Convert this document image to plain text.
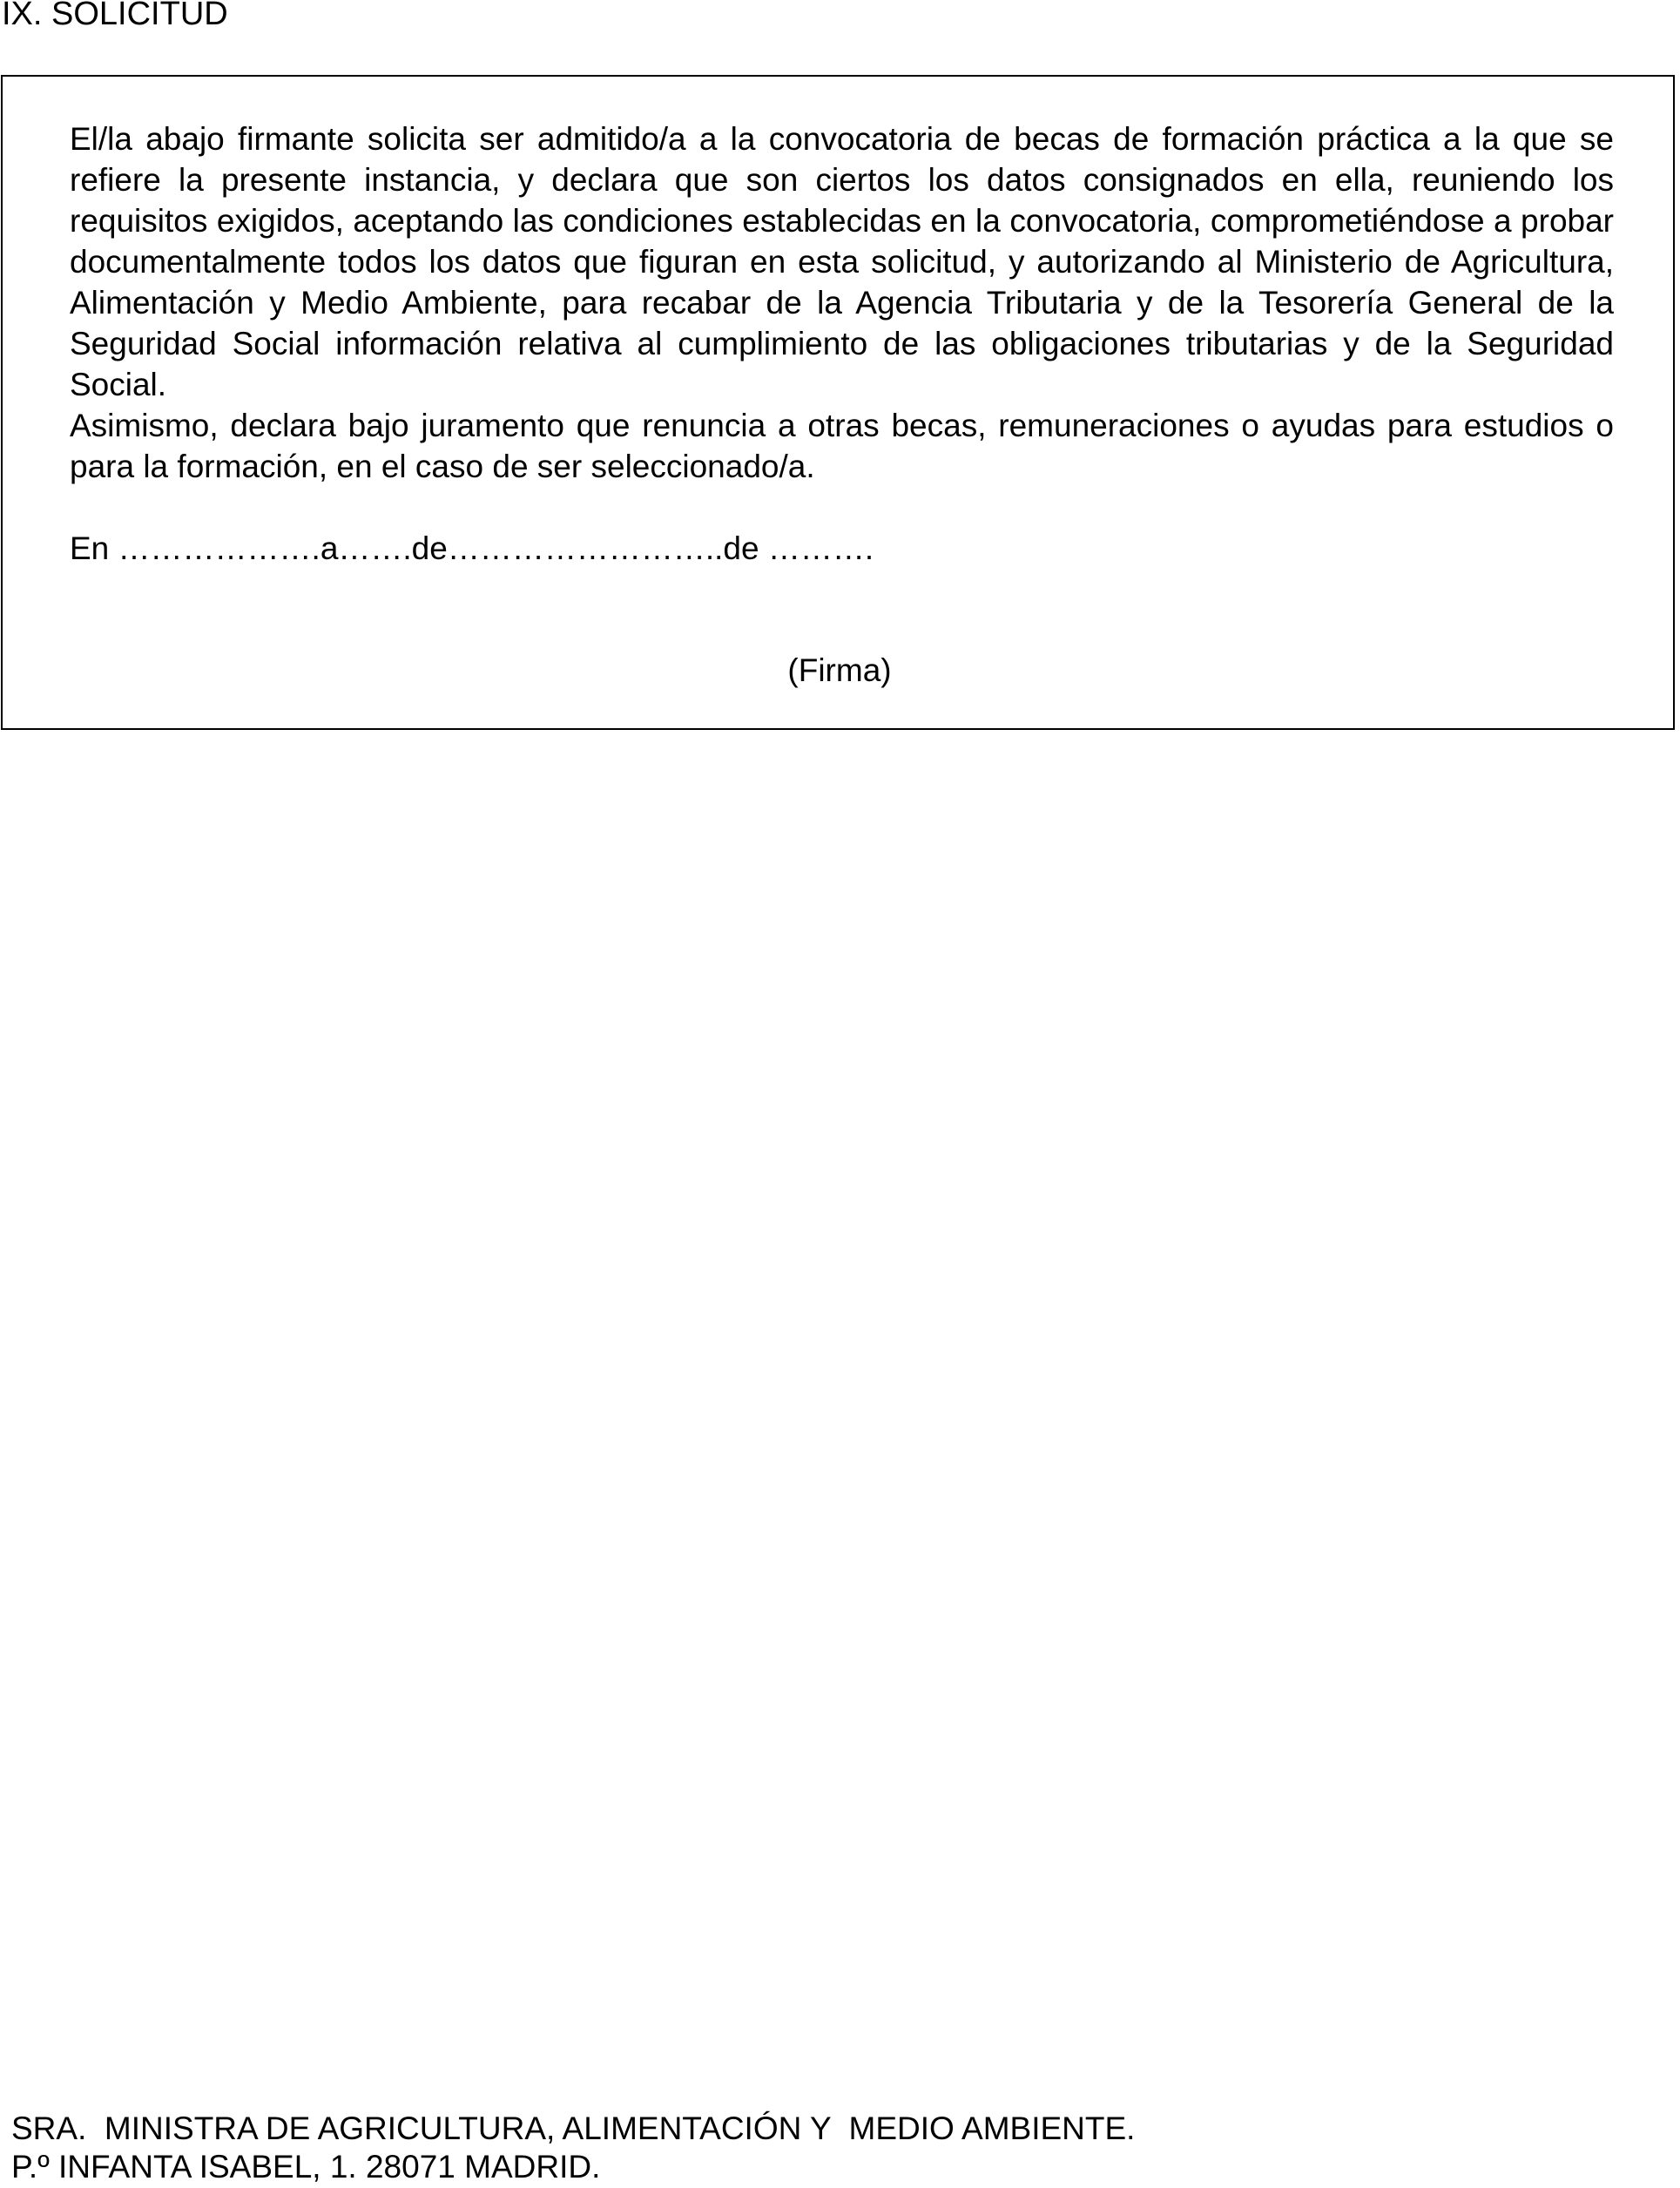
IX. SOLICITUD

El/la abajo firmante solicita ser admitido/a a la convocatoria de becas de formación práctica a la que se refiere la presente instancia, y declara que son ciertos los datos consignados en ella, reuniendo los requisitos exigidos, aceptando las condiciones establecidas en la convocatoria, comprometiéndose a probar documentalmente todos los datos que figuran en esta solicitud, y autorizando al Ministerio de Agricultura, Alimentación y Medio Ambiente, para recabar de la Agencia Tributaria y de la Tesorería General de la Seguridad Social información relativa al cumplimiento de las obligaciones tributarias y de la Seguridad Social.

Asimismo, declara bajo juramento que renuncia a otras becas, remuneraciones o ayudas para estudios o para la formación, en el caso de ser seleccionado/a.

En ……………….a…….de……………………..de ……….

(Firma)

SRA.  MINISTRA DE AGRICULTURA, ALIMENTACIÓN Y  MEDIO AMBIENTE.
P.º INFANTA ISABEL, 1. 28071 MADRID.
